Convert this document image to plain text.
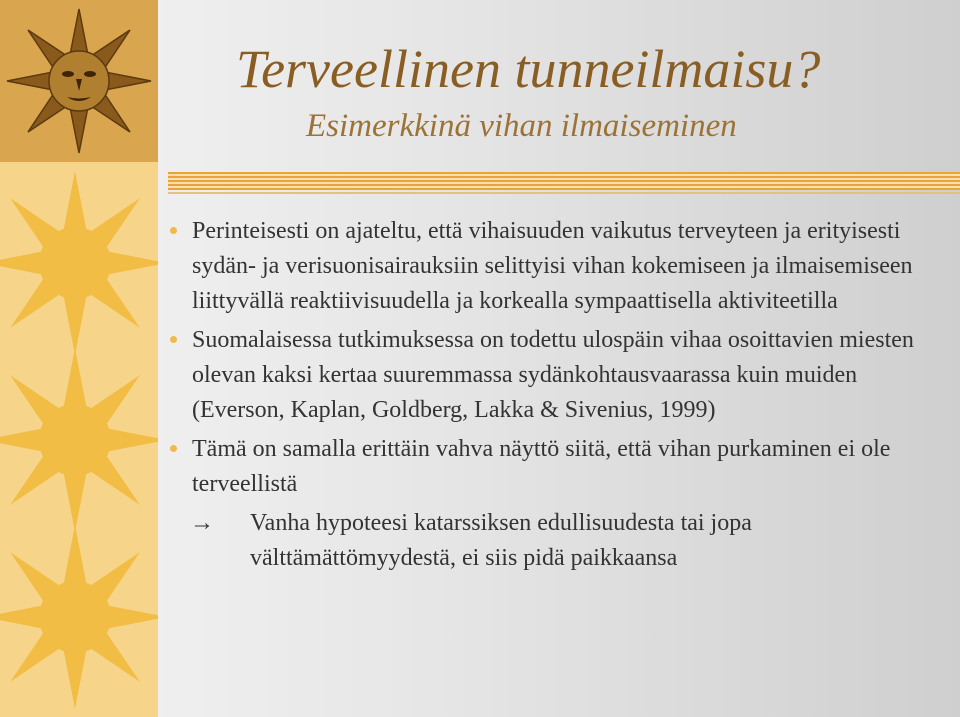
Terveellinen tunneilmaisu?
Esimerkkinä vihan ilmaiseminen
Perinteisesti on ajateltu, että vihaisuuden vaikutus terveyteen ja erityisesti sydän- ja verisuonisairauksiin selittyisi vihan kokemiseen ja ilmaisemiseen liittyvällä reaktiivisuudella ja korkealla sympaattisella aktiviteetilla
Suomalaisessa tutkimuksessa on todettu ulospäin vihaa osoittavien miesten olevan kaksi kertaa suuremmassa sydänkohtausvaarassa kuin muiden (Everson, Kaplan, Goldberg, Lakka & Sivenius, 1999)
Tämä on samalla erittäin vahva näyttö siitä, että vihan purkaminen ei ole terveellistä
→ Vanha hypoteesi katarssiksen edullisuudesta tai jopa välttämättömyydestä, ei siis pidä paikkaansa
